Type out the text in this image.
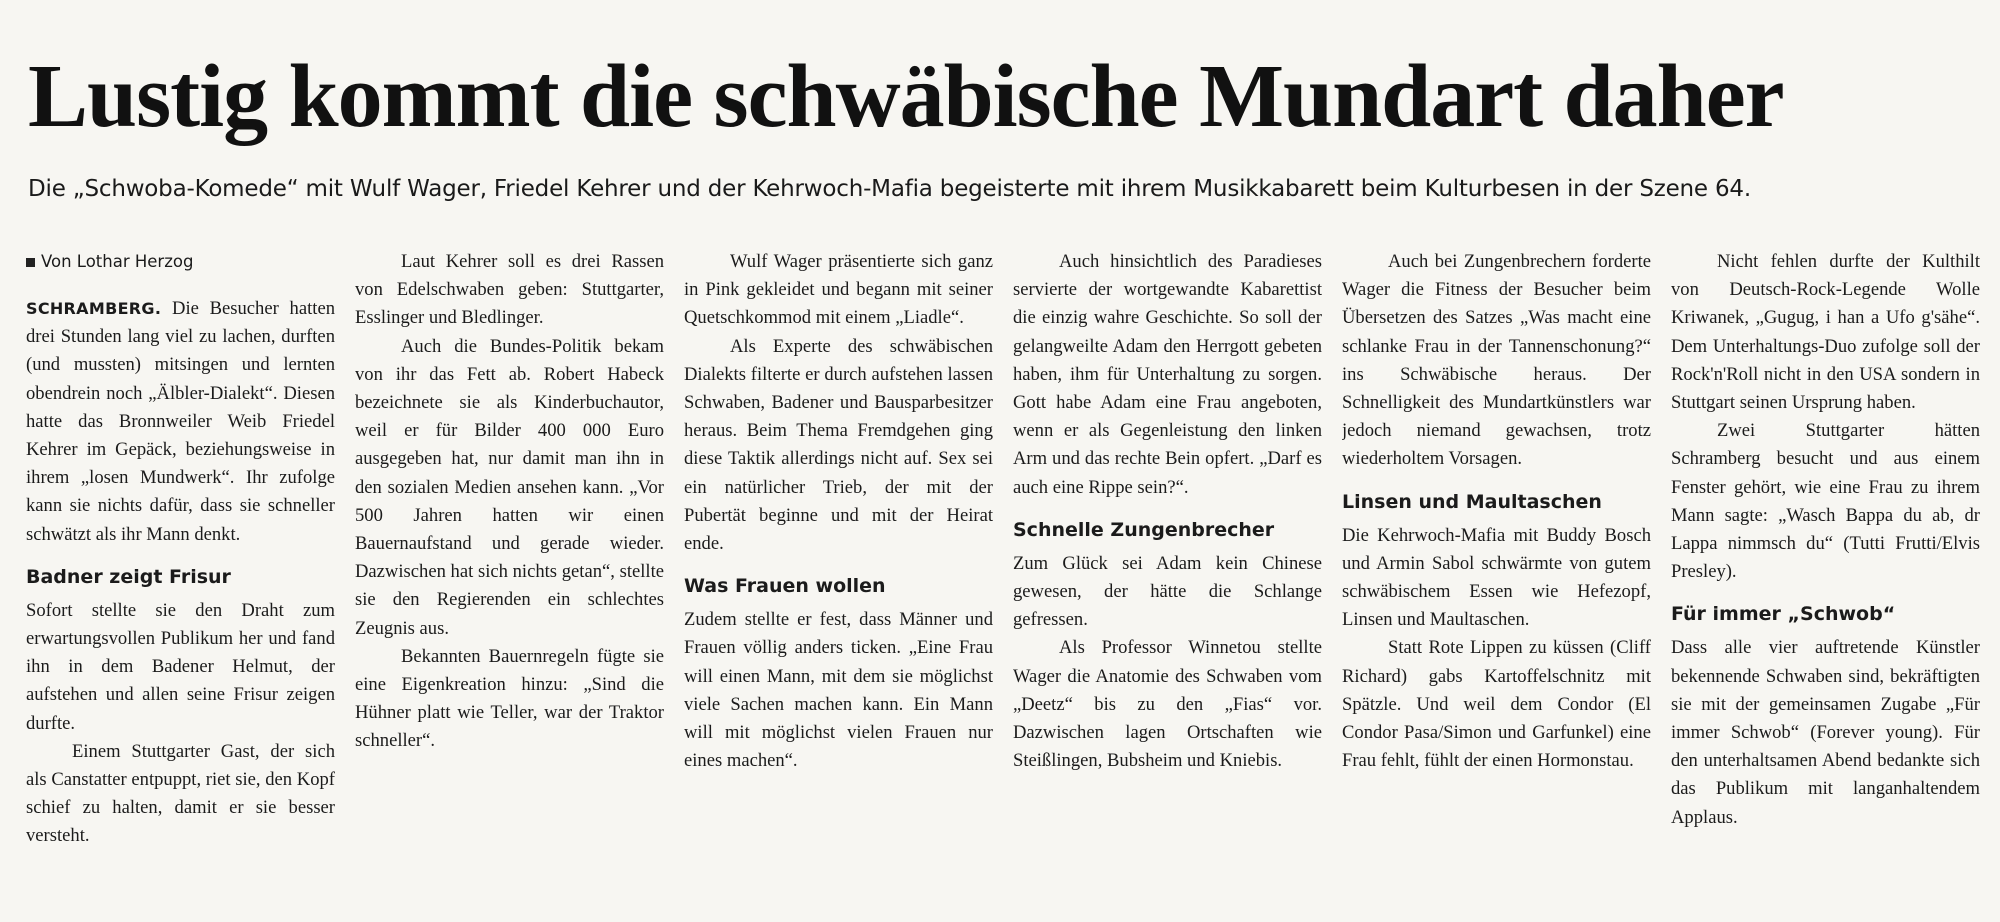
Lustig kommt die schwäbische Mundart daher

Die „Schwoba-Komede“ mit Wulf Wager, Friedel Kehrer und der Kehrwoch-Mafia begeisterte mit ihrem Musikkabarett beim Kulturbesen in der Szene 64.

Von Lothar Herzog

SCHRAMBERG. Die Besucher hatten drei Stunden lang viel zu lachen, durften (und mussten) mitsingen und lernten obendrein noch „Älbler-Dialekt“. Diesen hatte das Bronnweiler Weib Friedel Kehrer im Gepäck, beziehungsweise in ihrem „losen Mundwerk“. Ihr zufolge kann sie nichts dafür, dass sie schneller schwätzt als ihr Mann denkt.

Badner zeigt Frisur

Sofort stellte sie den Draht zum erwartungsvollen Publikum her und fand ihn in dem Badener Helmut, der aufstehen und allen seine Frisur zeigen durfte.

Einem Stuttgarter Gast, der sich als Canstatter entpuppt, riet sie, den Kopf schief zu halten, damit er sie besser versteht.

Laut Kehrer soll es drei Rassen von Edelschwaben geben: Stuttgarter, Esslinger und Bledlinger.

Auch die Bundes-Politik bekam von ihr das Fett ab. Robert Habeck bezeichnete sie als Kinderbuchautor, weil er für Bilder 400 000 Euro ausgegeben hat, nur damit man ihn in den sozialen Medien ansehen kann. „Vor 500 Jahren hatten wir einen Bauernaufstand und gerade wieder. Dazwischen hat sich nichts getan“, stellte sie den Regierenden ein schlechtes Zeugnis aus.

Bekannten Bauernregeln fügte sie eine Eigenkreation hinzu: „Sind die Hühner platt wie Teller, war der Traktor schneller“.

Wulf Wager präsentierte sich ganz in Pink gekleidet und begann mit seiner Quetschkommod mit einem „Liadle“.

Als Experte des schwäbischen Dialekts filterte er durch aufstehen lassen Schwaben, Badener und Bausparbesitzer heraus. Beim Thema Fremdgehen ging diese Taktik allerdings nicht auf. Sex sei ein natürlicher Trieb, der mit der Pubertät beginne und mit der Heirat ende.

Was Frauen wollen

Zudem stellte er fest, dass Männer und Frauen völlig anders ticken. „Eine Frau will einen Mann, mit dem sie möglichst viele Sachen machen kann. Ein Mann will mit möglichst vielen Frauen nur eines machen“.

Auch hinsichtlich des Paradieses servierte der wortgewandte Kabarettist die einzig wahre Geschichte. So soll der gelangweilte Adam den Herrgott gebeten haben, ihm für Unterhaltung zu sorgen. Gott habe Adam eine Frau angeboten, wenn er als Gegenleistung den linken Arm und das rechte Bein opfert. „Darf es auch eine Rippe sein?“.

Schnelle Zungenbrecher

Zum Glück sei Adam kein Chinese gewesen, der hätte die Schlange gefressen.

Als Professor Winnetou stellte Wager die Anatomie des Schwaben vom „Deetz“ bis zu den „Fias“ vor. Dazwischen lagen Ortschaften wie Steißlingen, Bubsheim und Kniebis.

Auch bei Zungenbrechern forderte Wager die Fitness der Besucher beim Übersetzen des Satzes „Was macht eine schlanke Frau in der Tannenschonung?“ ins Schwäbische heraus. Der Schnelligkeit des Mundartkünstlers war jedoch niemand gewachsen, trotz wiederholtem Vorsagen.

Linsen und Maultaschen

Die Kehrwoch-Mafia mit Buddy Bosch und Armin Sabol schwärmte von gutem schwäbischem Essen wie Hefezopf, Linsen und Maultaschen.

Statt Rote Lippen zu küssen (Cliff Richard) gabs Kartoffelschnitz mit Spätzle. Und weil dem Condor (El Condor Pasa/Simon und Garfunkel) eine Frau fehlt, fühlt der einen Hormonstau.

Nicht fehlen durfte der Kulthilt von Deutsch-Rock-Legende Wolle Kriwanek, „Gugug, i han a Ufo g'sähe“. Dem Unterhaltungs-Duo zufolge soll der Rock'n'Roll nicht in den USA sondern in Stuttgart seinen Ursprung haben.

Zwei Stuttgarter hätten Schramberg besucht und aus einem Fenster gehört, wie eine Frau zu ihrem Mann sagte: „Wasch Bappa du ab, dr Lappa nimmsch du“ (Tutti Frutti/Elvis Presley).

Für immer „Schwob“

Dass alle vier auftretende Künstler bekennende Schwaben sind, bekräftigten sie mit der gemeinsamen Zugabe „Für immer Schwob“ (Forever young). Für den unterhaltsamen Abend bedankte sich das Publikum mit langanhaltendem Applaus.
